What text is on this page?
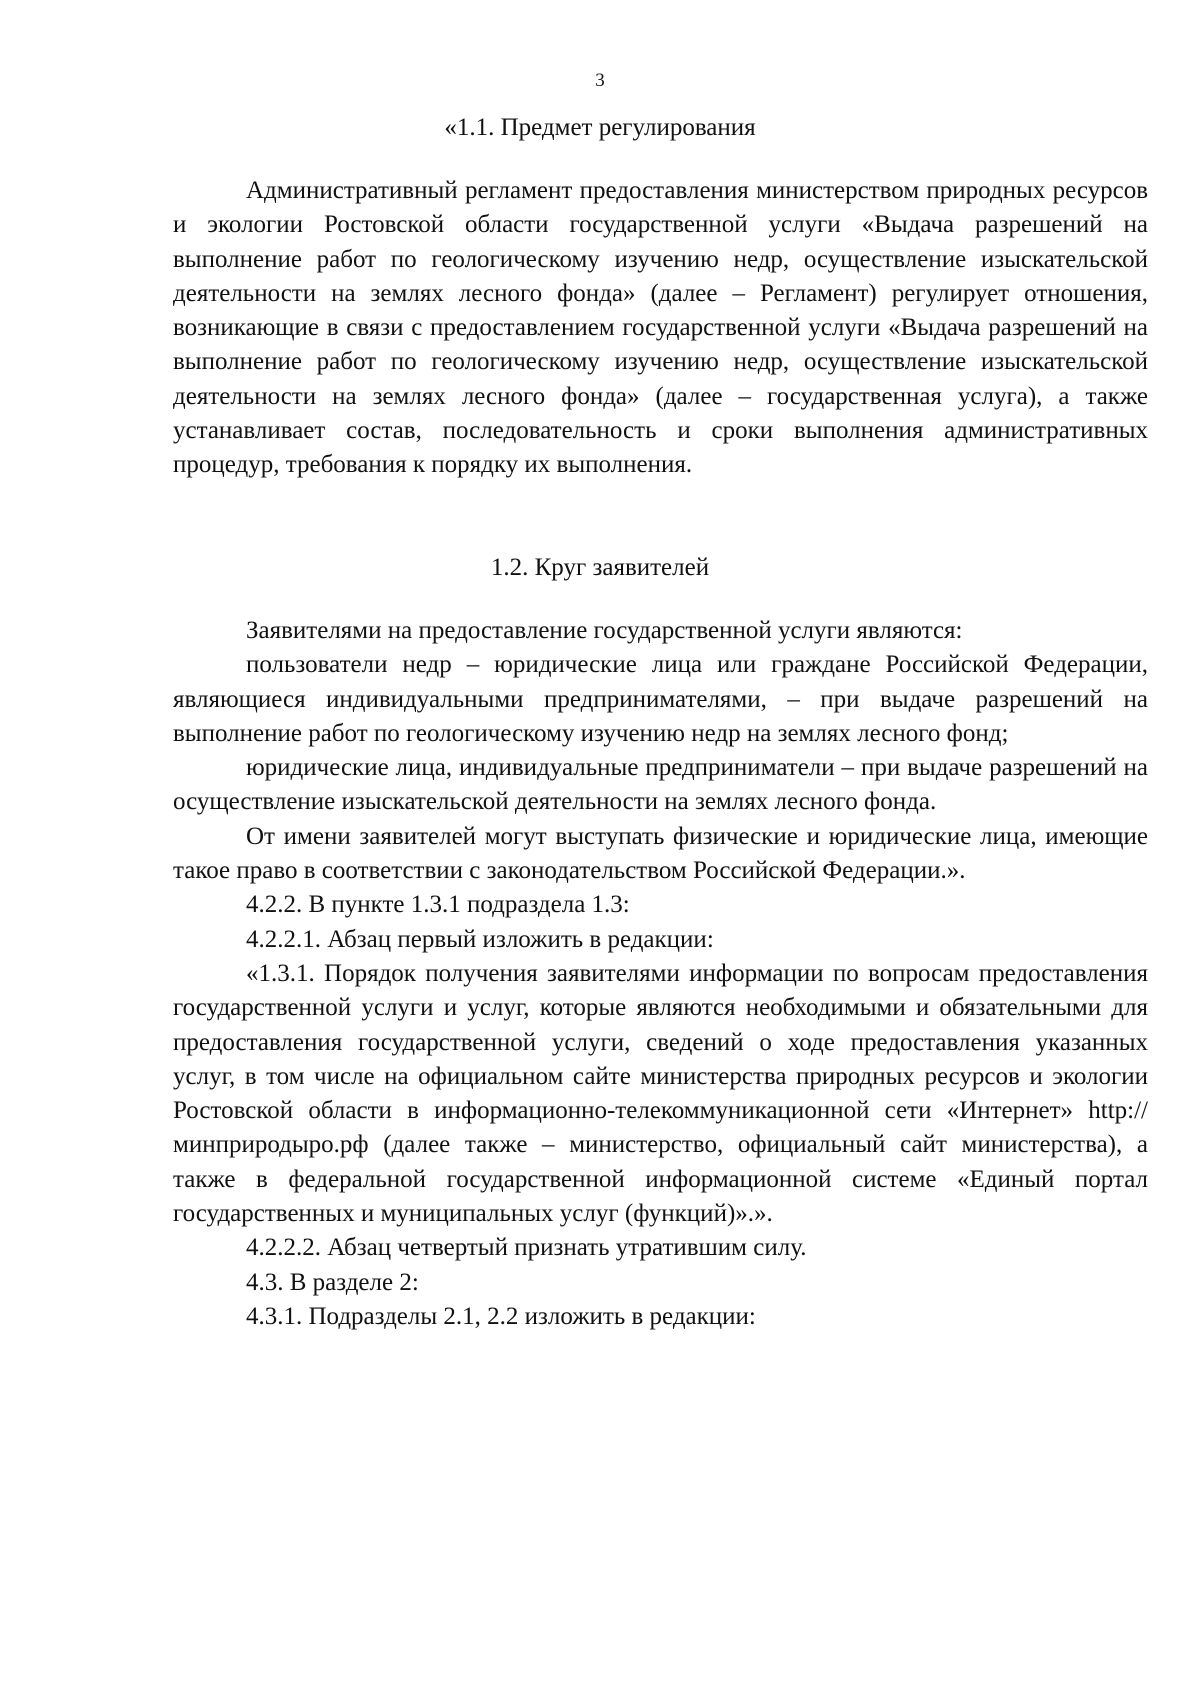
3
«1.1. Предмет регулирования

Административный регламент предоставления министерством природных ресурсов и экологии Ростовской области государственной услуги «Выдача разрешений на выполнение работ по геологическому изучению недр, осуществление изыскательской деятельности на землях лесного фонда» (далее – Регламент) регулирует отношения, возникающие в связи с предоставлением государственной услуги «Выдача разрешений на выполнение работ по геологическому изучению недр, осуществление изыскательской деятельности на землях лесного фонда» (далее – государственная услуга), а также устанавливает состав, последовательность и сроки выполнения административных процедур, требования к порядку их выполнения.

1.2. Круг заявителей

Заявителями на предоставление государственной услуги являются:

пользователи недр – юридические лица или граждане Российской Федерации, являющиеся индивидуальными предпринимателями, – при выдаче разрешений на выполнение работ по геологическому изучению недр на землях лесного фонд;

юридические лица, индивидуальные предприниматели – при выдаче разрешений на осуществление изыскательской деятельности на землях лесного фонда.

От имени заявителей могут выступать физические и юридические лица, имеющие такое право в соответствии с законодательством Российской Федерации.».

4.2.2. В пункте 1.3.1 подраздела 1.3:

4.2.2.1. Абзац первый изложить в редакции:

«1.3.1. Порядок получения заявителями информации по вопросам предоставления государственной услуги и услуг, которые являются необходимыми и обязательными для предоставления государственной услуги, сведений о ходе предоставления указанных услуг, в том числе на официальном сайте министерства природных ресурсов и экологии Ростовской области в информационно-телекоммуникационной сети «Интернет» http://минприродыро.рф (далее также – министерство, официальный сайт министерства), а также в федеральной государственной информационной системе «Единый портал государственных и муниципальных услуг (функций)».».

4.2.2.2. Абзац четвертый признать утратившим силу.

4.3. В разделе 2:

4.3.1. Подразделы 2.1, 2.2 изложить в редакции:
